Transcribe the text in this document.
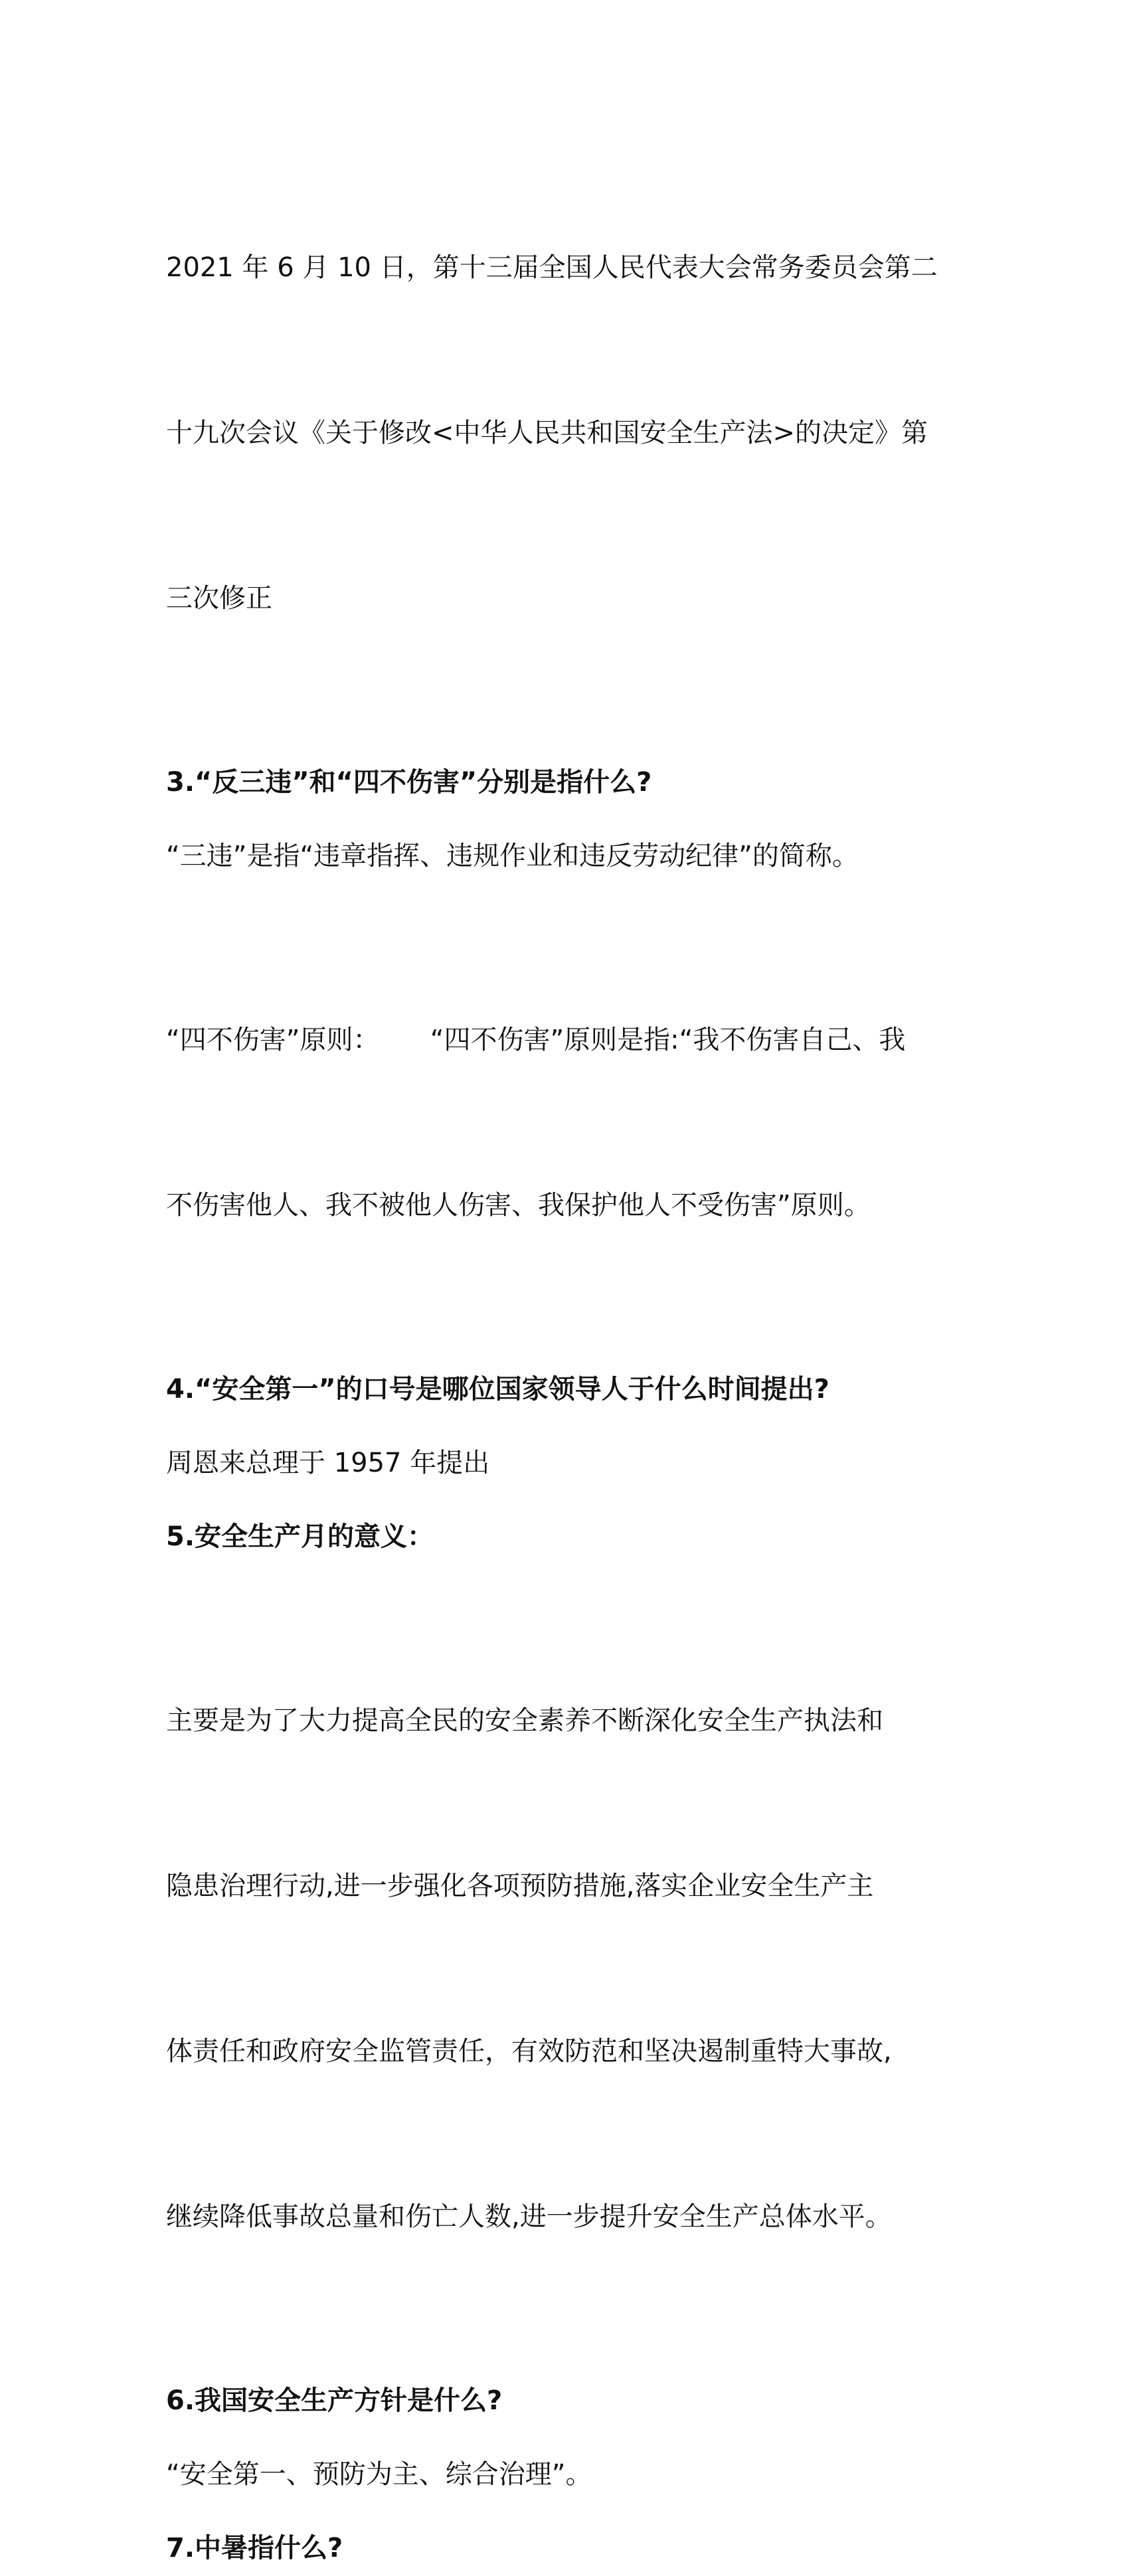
2021 年 6 月 10 日，第十三届全国人民代表大会常务委员会第二

十九次会议《关于修改<中华人民共和国安全生产法>的决定》第

三次修正

3.“反三违”和“四不伤害”分别是指什么?

“三违”是指“违章指挥、违规作业和违反劳动纪律”的简称。

“四不伤害”原则：      “四不伤害”原则是指:“我不伤害自己、我

不伤害他人、我不被他人伤害、我保护他人不受伤害”原则。

4.“安全第一”的口号是哪位国家领导人于什么时间提出?

周恩来总理于 1957 年提出

5.安全生产月的意义：

主要是为了大力提高全民的安全素养不断深化安全生产执法和

隐患治理行动,进一步强化各项预防措施,落实企业安全生产主

体责任和政府安全监管责任，有效防范和坚决遏制重特大事故,

继续降低事故总量和伤亡人数,进一步提升安全生产总体水平。

6.我国安全生产方针是什么?

“安全第一、预防为主、综合治理”。

7.中暑指什么?
